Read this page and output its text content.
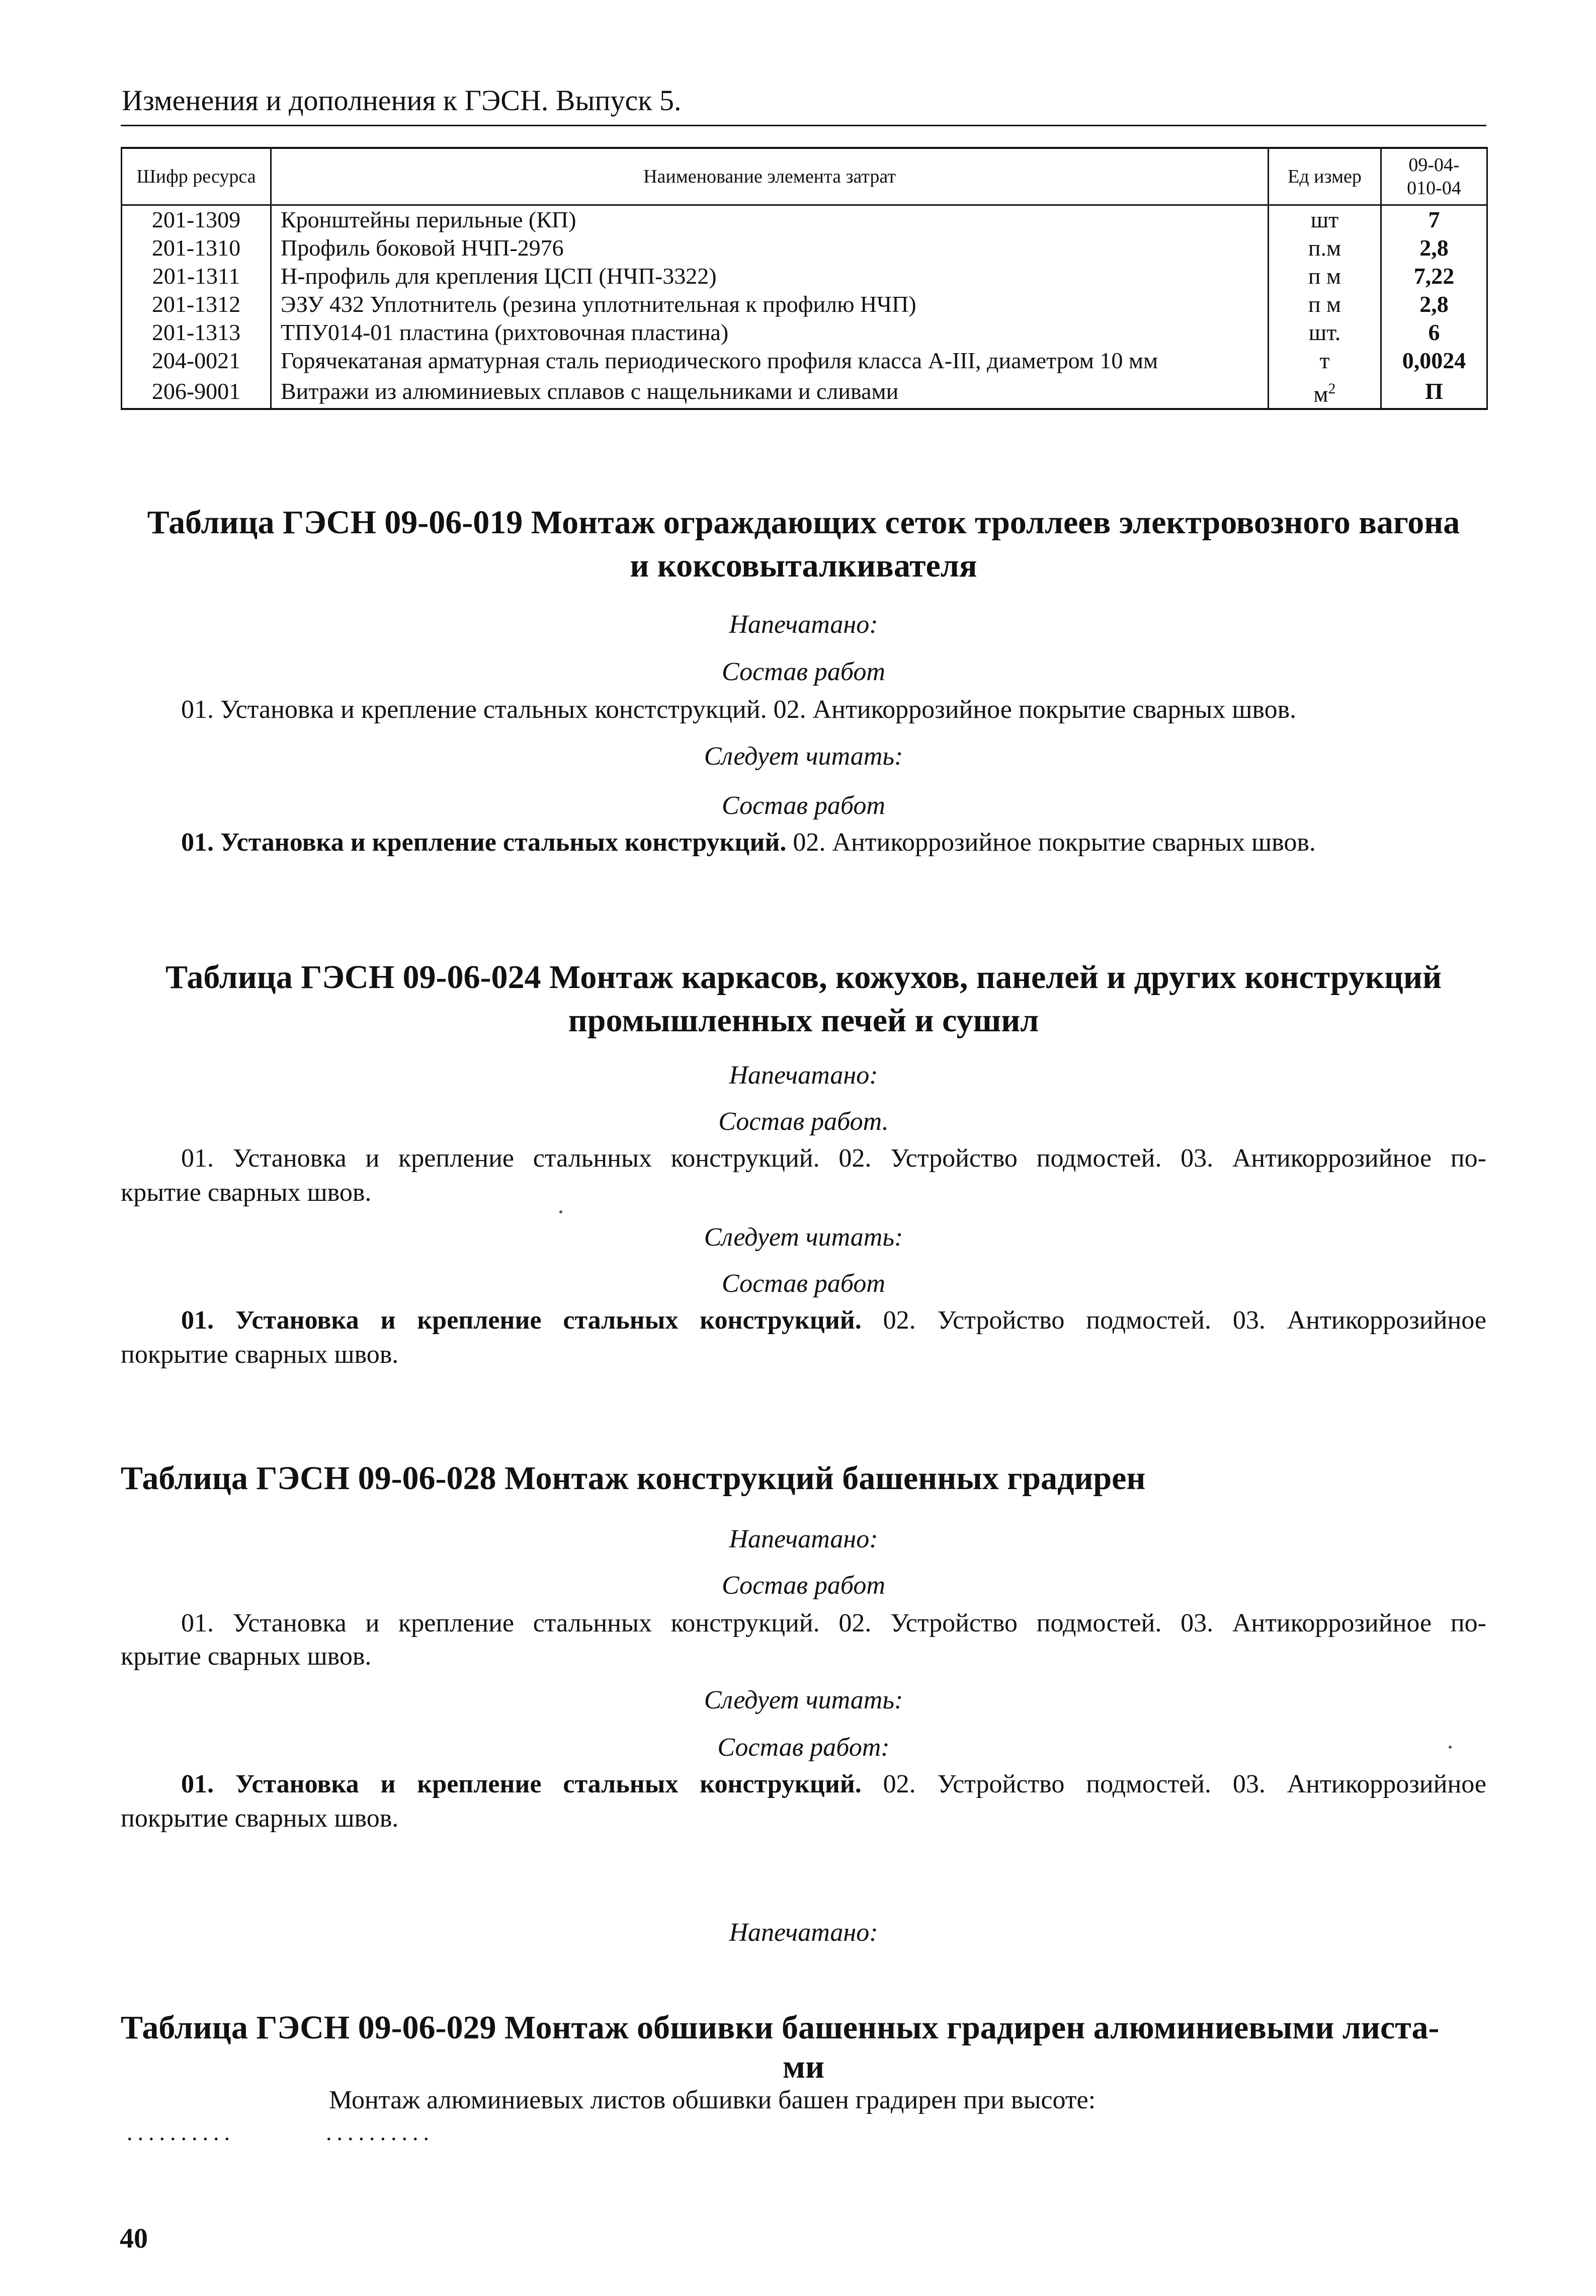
Изменения и дополнения к ГЭСН. Выпуск 5.
Шифр ресурса	Наименование элемента затрат	Ед измер	09-04-
010-04

201-1309	Кронштейны перильные (КП)	шт	7
201-1310	Профиль боковой НЧП-2976	п.м	2,8
201-1311	Н-профиль для крепления ЦСП (НЧП-3322)	п м	7,22
201-1312	ЭЗУ 432 Уплотнитель (резина уплотнительная к профилю НЧП)	п м	2,8
201-1313	ТПУ014-01 пластина (рихтовочная пластина)	шт.	6
204-0021	Горячекатаная арматурная сталь периодического профиля класса А-III, диаметром 10 мм	т	0,0024
206-9001	Витражи из алюминиевых сплавов с нащельниками и сливами	$м^2$	П
Таблица ГЭСН 09-06-019 Монтаж ограждающих сеток троллеев электровозного вагона
и коксовыталкивателя
Напечатано:
Состав работ
01. Установка и крепление стальных констструкций. 02. Антикоррозийное покрытие сварных швов.
Следует читать:
Состав работ
01. Установка и крепление стальных конструкций. 02. Антикоррозийное покрытие сварных швов.
Таблица ГЭСН 09-06-024 Монтаж каркасов, кожухов, панелей и других конструкций
промышленных печей и сушил
Напечатано:
Состав работ.
01. Установка и крепление стальнных конструкций. 02. Устройство подмостей. 03. Антикоррозийное по-
крытие сварных швов.
Следует читать:
Состав работ
01. Установка и крепление стальных конструкций. 02. Устройство подмостей. 03. Антикоррозийное
покрытие сварных швов.
Таблица ГЭСН 09-06-028 Монтаж конструкций башенных градирен
Напечатано:
Состав работ
01. Установка и крепление стальнных конструкций. 02. Устройство подмостей. 03. Антикоррозийное по-
крытие сварных швов.
Следует читать:
Состав работ:
01. Установка и крепление стальных конструкций. 02. Устройство подмостей. 03. Антикоррозийное
покрытие сварных швов.
Напечатано:
Таблица ГЭСН 09-06-029 Монтаж обшивки башенных градирен алюминиевыми листа-
ми
Монтаж алюминиевых листов обшивки башен градирен при высоте:
..........	..........
40
